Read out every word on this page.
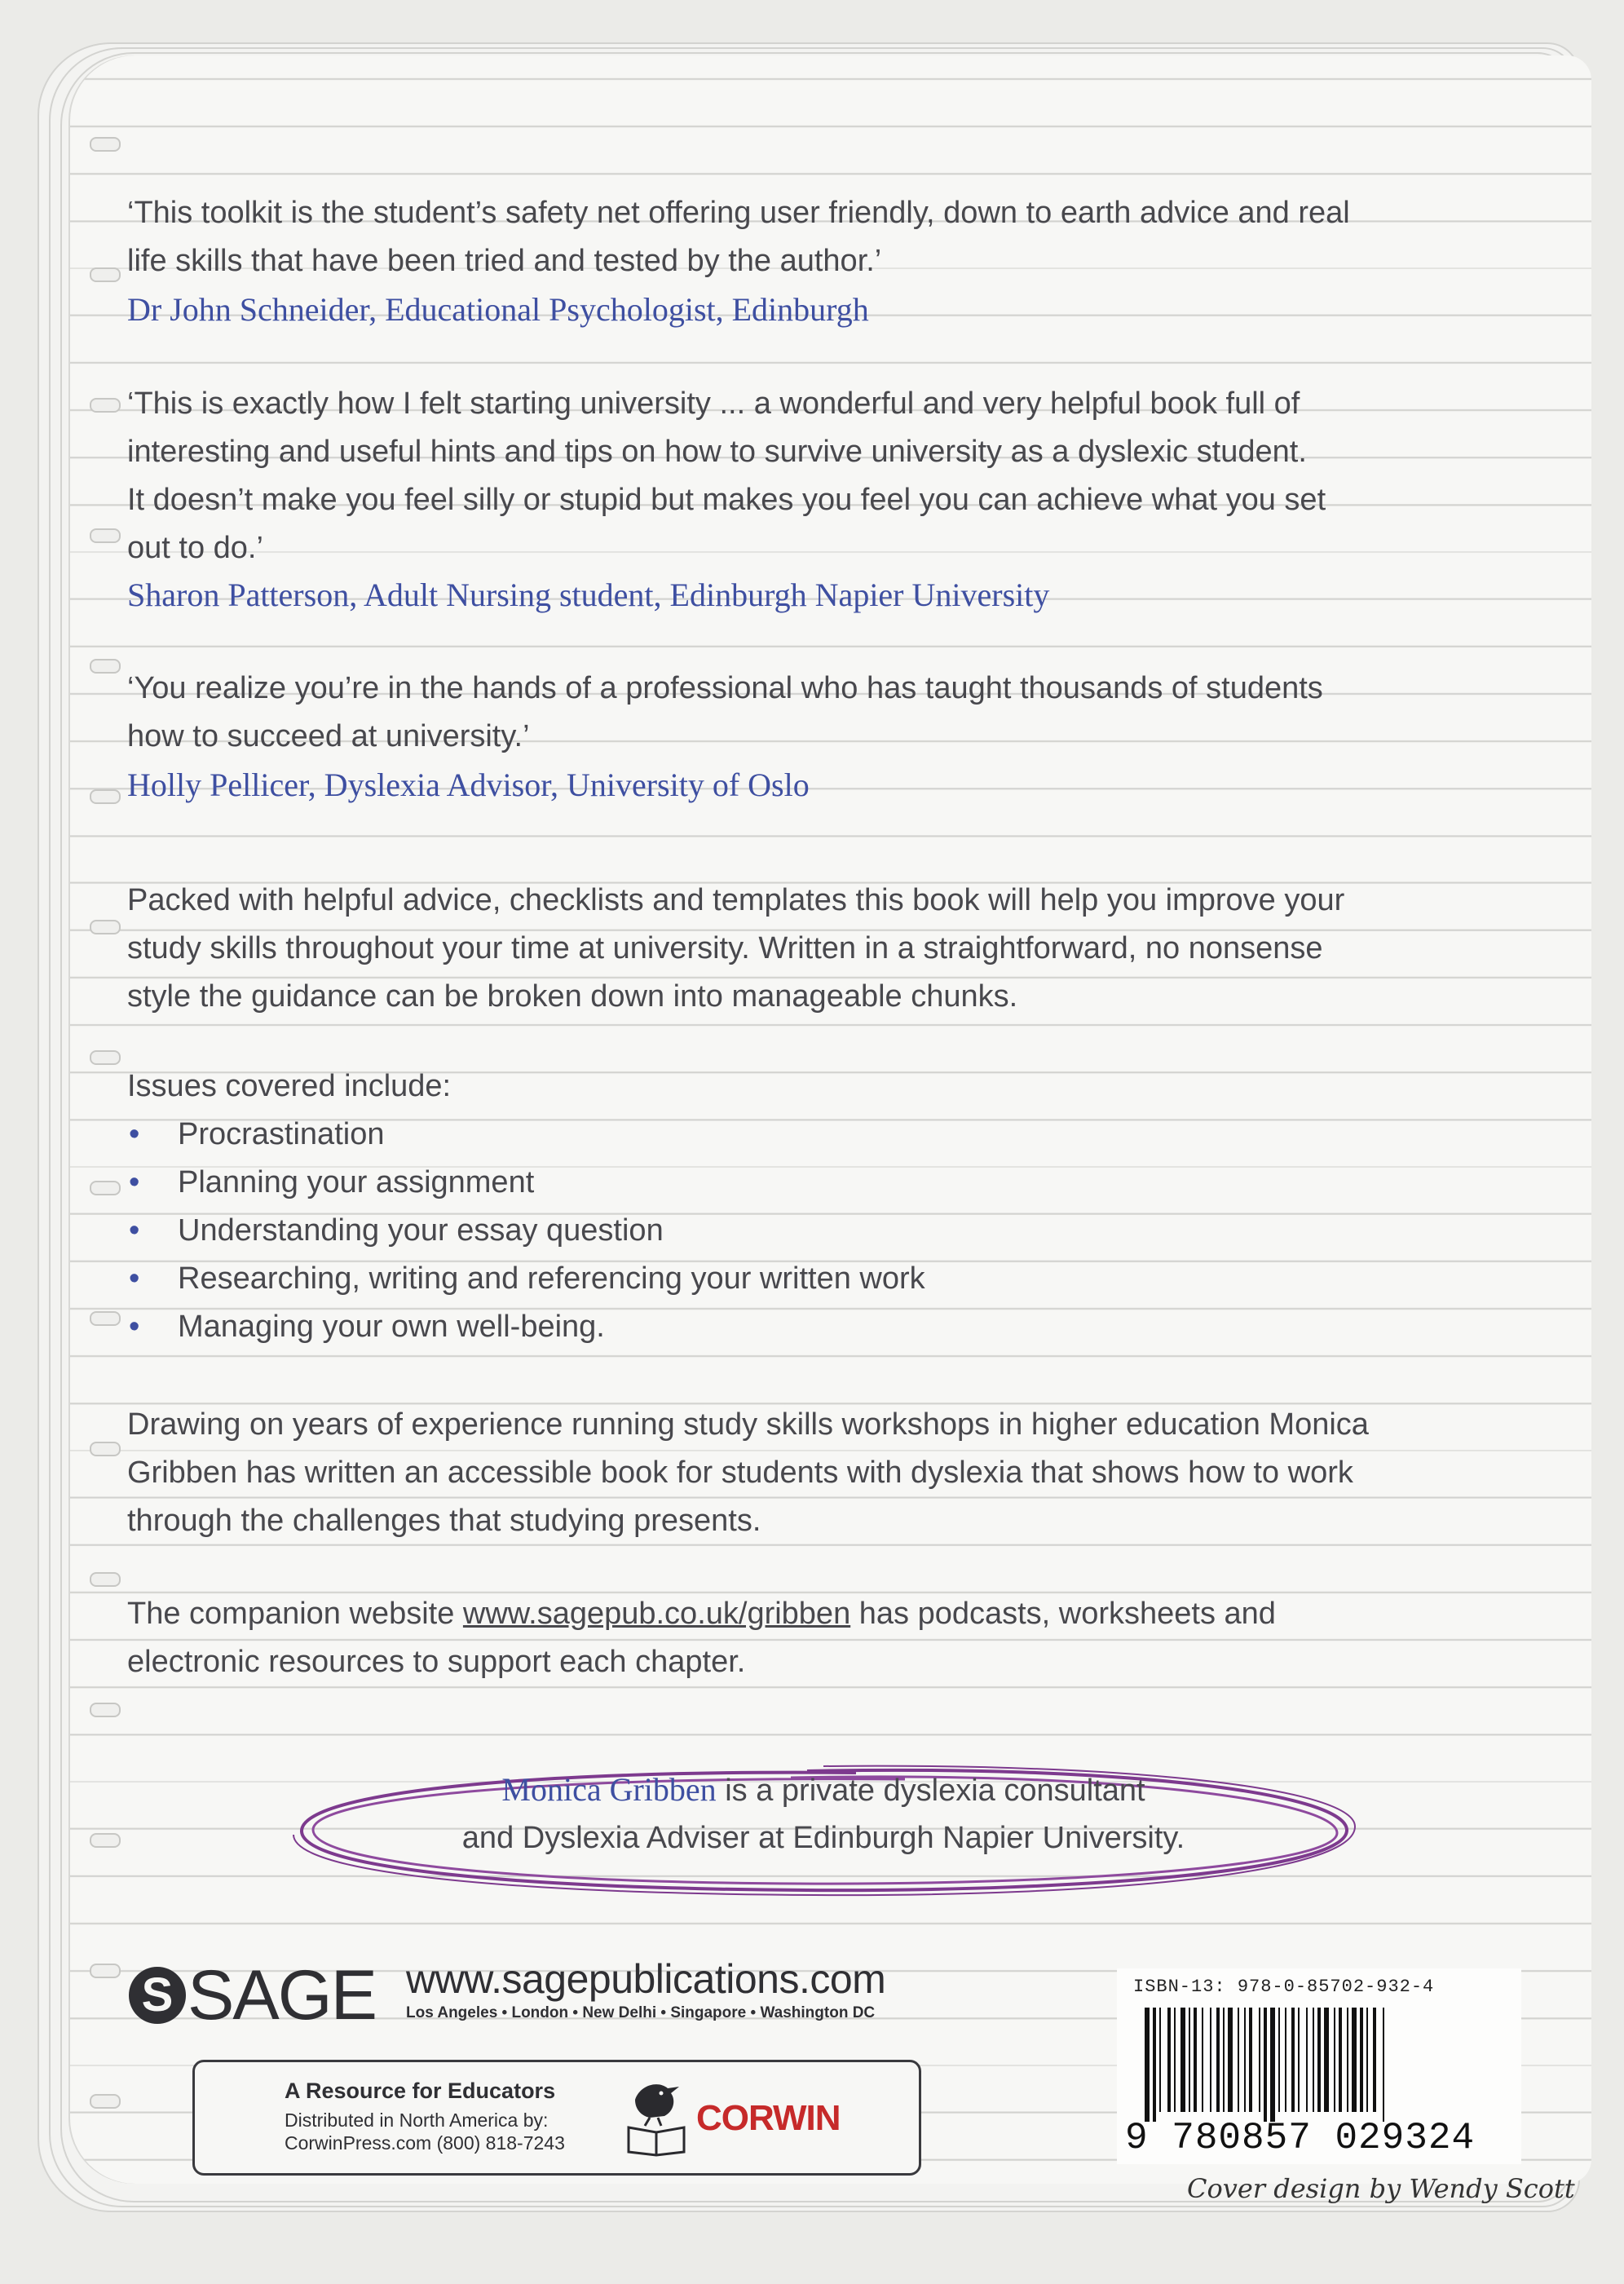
‘This toolkit is the student’s safety net offering user friendly, down to earth advice and real
life skills that have been tried and tested by the author.’
Dr John Schneider, Educational Psychologist, Edinburgh
‘This is exactly how I felt starting university ... a wonderful and very helpful book full of
interesting and useful hints and tips on how to survive university as a dyslexic student.
It doesn’t make you feel silly or stupid but makes you feel you can achieve what you set
out to do.’
Sharon Patterson, Adult Nursing student, Edinburgh Napier University
‘You realize you’re in the hands of a professional who has taught thousands of students
how to succeed at university.’
Holly Pellicer, Dyslexia Advisor, University of Oslo
Packed with helpful advice, checklists and templates this book will help you improve your
study skills throughout your time at university. Written in a straightforward, no nonsense
style the guidance can be broken down into manageable chunks.
Issues covered include:
• Procrastination
• Planning your assignment
• Understanding your essay question
• Researching, writing and referencing your written work
• Managing your own well-being.
Drawing on years of experience running study skills workshops in higher education Monica
Gribben has written an accessible book for students with dyslexia that shows how to work
through the challenges that studying presents.
The companion website www.sagepub.co.uk/gribben has podcasts, worksheets and
electronic resources to support each chapter.
Monica Gribben is a private dyslexia consultant
and Dyslexia Adviser at Edinburgh Napier University.
S SAGE www.sagepublications.com
Los Angeles • London • New Delhi • Singapore • Washington DC
A Resource for Educators
Distributed in North America by:
CorwinPress.com (800) 818-7243
CORWIN
ISBN-13: 978-0-85702-932-4
9 780857 029324
Cover design by Wendy Scott
